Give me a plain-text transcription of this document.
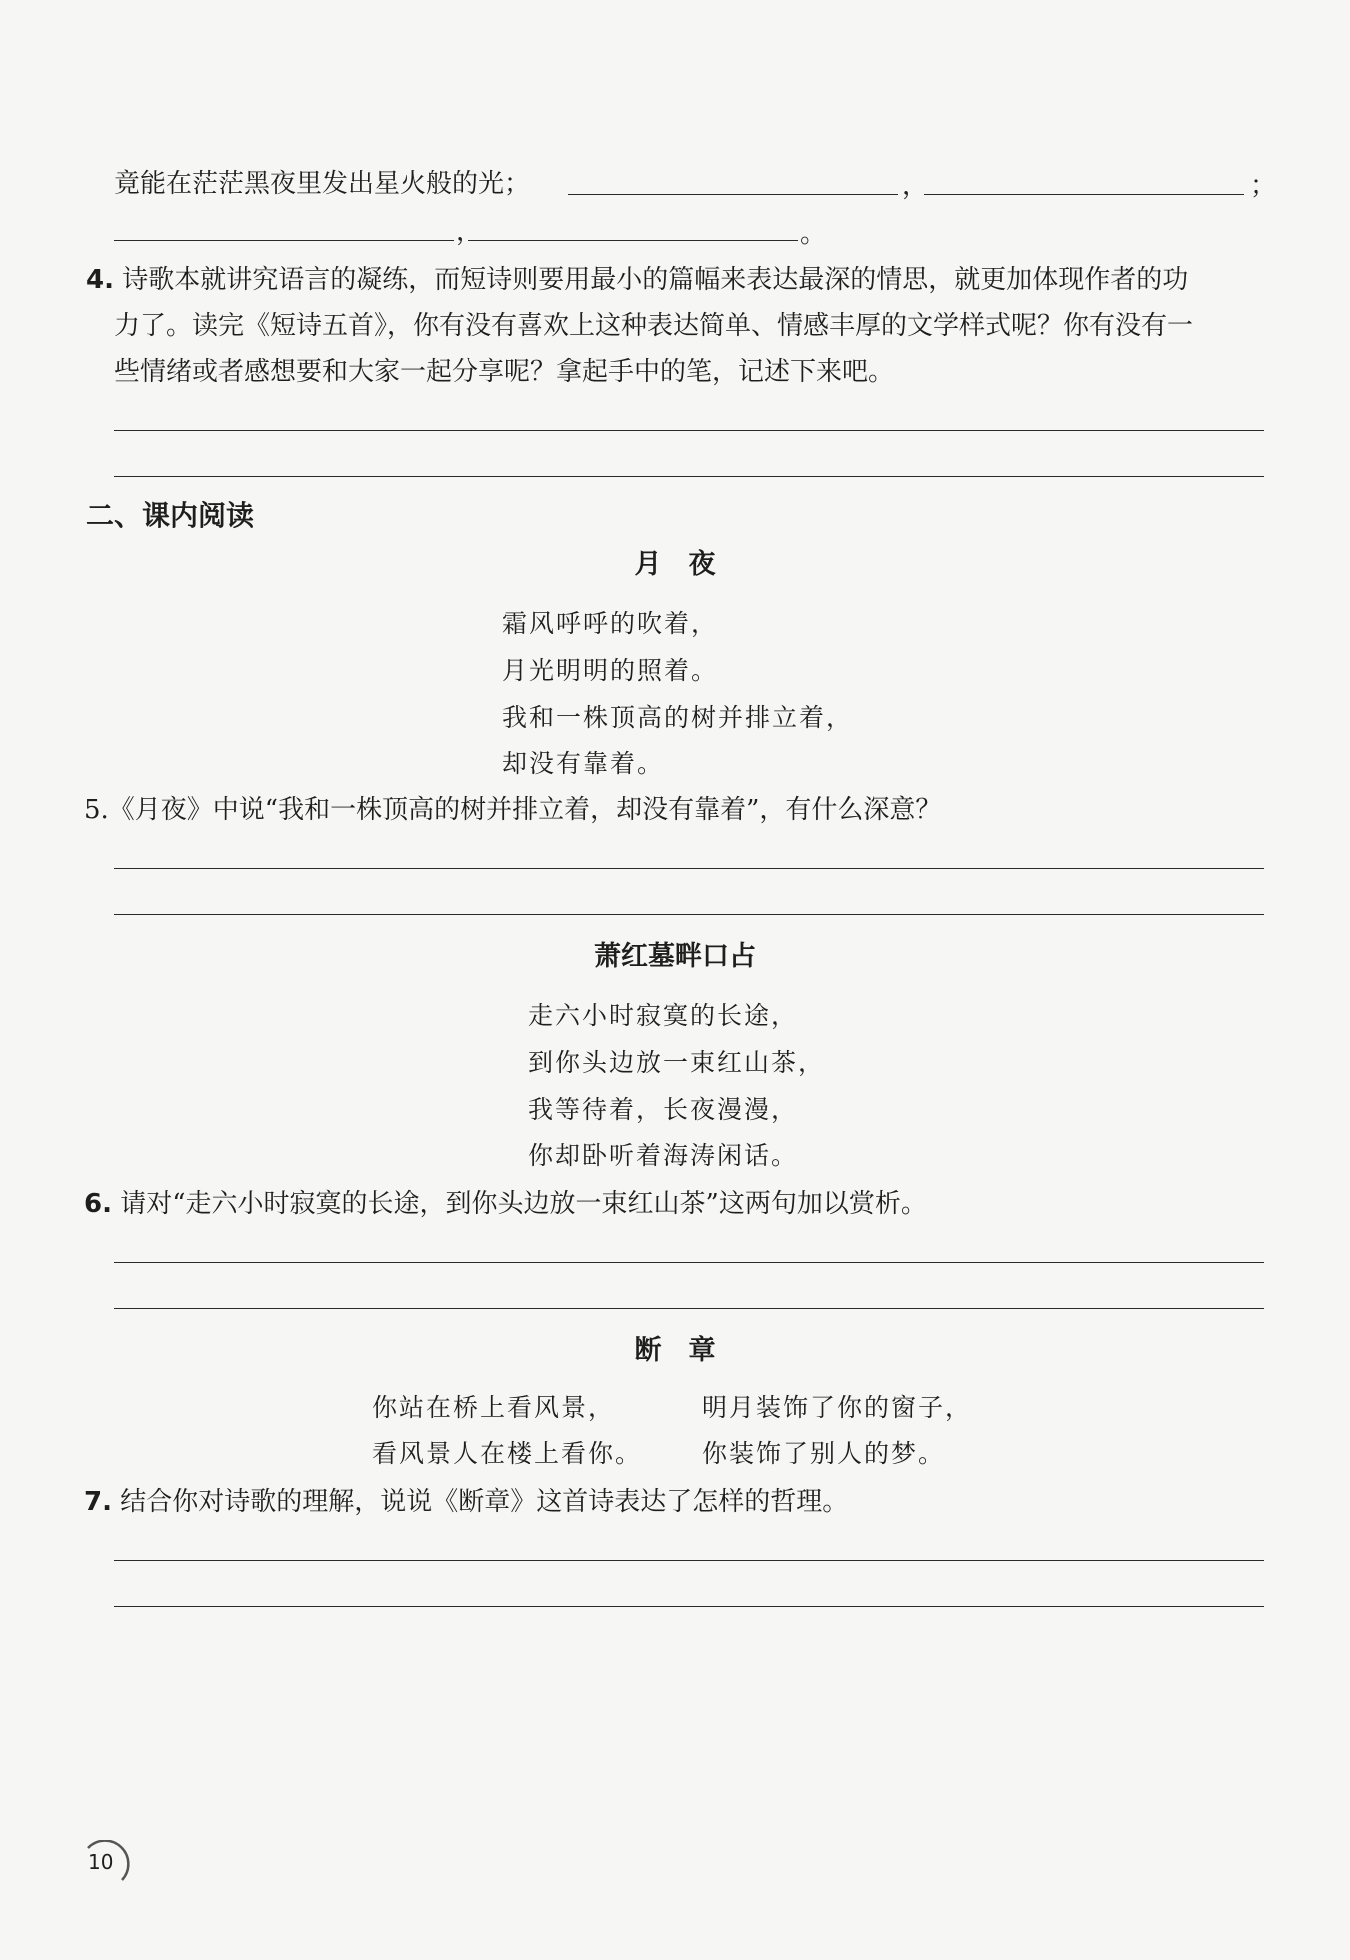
竟能在茫茫黑夜里发出星火般的光；	，	；
，	。
4. 诗歌本就讲究语言的凝练，而短诗则要用最小的篇幅来表达最深的情思，就更加体现作者的功
力了。读完《短诗五首》，你有没有喜欢上这种表达简单、情感丰厚的文学样式呢？你有没有一
些情绪或者感想要和大家一起分享呢？拿起手中的笔，记述下来吧。
二、课内阅读
月　夜
霜风呼呼的吹着，
月光明明的照着。
我和一株顶高的树并排立着，
却没有靠着。
5.《月夜》中说“我和一株顶高的树并排立着，却没有靠着”，有什么深意？
萧红墓畔口占
走六小时寂寞的长途，
到你头边放一束红山茶，
我等待着，长夜漫漫，
你却卧听着海涛闲话。
6. 请对“走六小时寂寞的长途，到你头边放一束红山茶”这两句加以赏析。
断　章
你站在桥上看风景，
看风景人在楼上看你。
明月装饰了你的窗子，
你装饰了别人的梦。
7. 结合你对诗歌的理解，说说《断章》这首诗表达了怎样的哲理。
10
